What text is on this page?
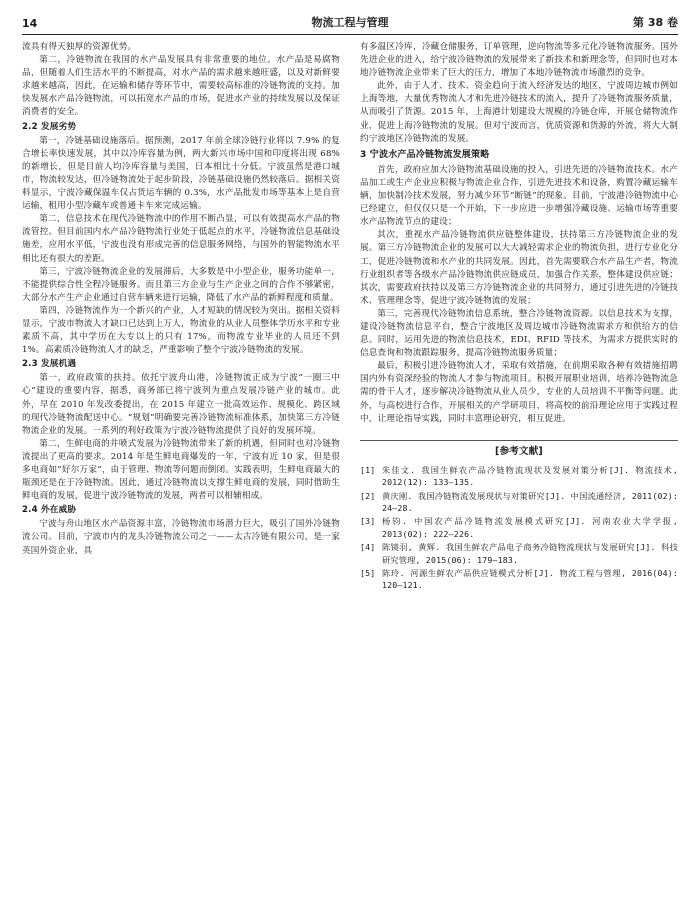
14	物流工程与管理	第 38 卷

流具有得天独厚的资源优势。

第二，冷链物流在我国的水产品发展具有非常重要的地位。水产品是易腐物品，但随着人们生活水平的不断提高，对水产品的需求越来越旺盛，以及对新鲜要求越来越高，因此，在运输和储存等环节中，需要较高标准的冷链物流的支持。加快发展水产品冷链物流，可以拓宽水产品的市场，促进水产业的持续发展以及保证消费者的安全。

2.2 发展劣势

第一，冷链基础设施落后。据预测，2017 年前全球冷链行业将以 7.9% 的复合增长率快速发展，其中以冷库容量为例，两大新兴市场中国和印度将出现 68% 的新增长，但是目前人均冷库容量与美国，日本相比十分低。宁波虽然是港口城市，物流较发达，但冷链物流处于起步阶段，冷链基础设施仍然较落后。据相关资料显示，宁波冷藏保温车仅占货运车辆的 0.3%，水产品批发市场等基本上是自营运输，租用小型冷藏车或普通卡车来完成运输。

第二，信息技术在现代冷链物流中的作用不断凸显，可以有效提高水产品的物流管控。但目前国内水产品冷链物流行业处于低起点的水平，冷链物流信息基础设施差，应用水平低，宁波也没有形成完善的信息服务网络，与国外的智能物流水平相比还有很大的差距。

第三，宁波冷链物流企业的发展滞后，大多数是中小型企业，服务功能单一，不能提供综合性全程冷链服务。而且第三方企业与生产企业之间的合作不够紧密，大部分水产生产企业通过自营车辆来进行运输，降低了水产品的新鲜程度和质量。

第四，冷链物流作为一个新兴的产业，人才短缺的情况较为突出。据相关资料显示，宁波市物流人才缺口已达到上万人，物流业的从业人员整体学历水平和专业素质不高，其中学历在大专以上的只有 17%，而物流专业毕业的人员还不到 1%。高素质冷链物流人才的缺乏，严重影响了整个宁波冷链物流的发展。

2.3 发展机遇

第一，政府政策的扶持。依托宁波舟山港，冷链物流正成为宁波“一圈三中心”建设的重要内容，据悉，商务部已将宁波列为重点发展冷链产业的城市。此外，早在 2010 年发改委提出，在 2015 年建立一批高效运作、规模化、跨区域的现代冷链物流配送中心。“规划”明确要完善冷链物流标准体系，加快第三方冷链物流企业的发展。一系列的利好政策为宁波冷链物流提供了良好的发展环境。

第二，生鲜电商的井喷式发展为冷链物流带来了新的机遇，但同时也对冷链物流提出了更高的要求。2014 年是生鲜电商爆发的一年，宁波有近 10 家，但是很多电商如“好尔万家”，由于管理、物流等问题而倒闭。实践表明，生鲜电商最大的瓶颈还是在于冷链物流。因此，通过冷链物流以支撑生鲜电商的发展，同时借助生鲜电商的发展，促进宁波冷链物流的发展，两者可以相辅相成。

2.4 外在威胁

宁波与舟山地区水产品资源丰富，冷链物流市场潜力巨大，吸引了国外冷链物流公司。目前，宁波市内的龙头冷链物流公司之一——太古冷链有限公司，是一家英国外资企业，具

有多温区冷库，冷藏仓储服务，订单管理，逆向物流等多元化冷链物流服务。国外先进企业的进入，给宁波冷链物流的发展带来了新技术和新理念等，但同时也对本地冷链物流企业带来了巨大的压力，增加了本地冷链物流市场激烈的竞争。

此外，由于人才、技术、资金趋向于流入经济发达的地区，宁波周边城市例如上海等地，大量优秀物流人才和先进冷链技术的流入，提升了冷链物流服务质量，从而吸引了货源。2015 年，上海港计划建设大规模的冷链仓库，开展仓储物流作业，促进上海冷链物流的发展。但对宁波而言，优质资源和货源的外流，将大大制约宁波地区冷链物流的发展。

3 宁波水产品冷链物流发展策略

首先，政府应加大冷链物流基础设施的投入，引进先进的冷链物流技术。水产品加工或生产企业应积极与物流企业合作，引进先进技术和设备，购置冷藏运输车辆，加快制冷技术发展，努力减少环节“断链”的现象。目前，宁波港冷链物流中心已经建立，但仅仅只是一个开始，下一步应进一步增强冷藏设施、运输市场等重要水产品物流节点的建设；

其次，重视水产品冷链物流供应链整体建设，扶持第三方冷链物流企业的发展。第三方冷链物流企业的发展可以大大减轻需求企业的物流负担，进行专业化分工，促进冷链物流和水产业的共同发展。因此，首先需要联合水产品生产者，物流行业组织者等各级水产品冷链物流供应链成员，加强合作关系，整体建设供应链；其次，需要政府扶持以及第三方冷链物流企业的共同努力，通过引进先进的冷链技术、管理理念等，促进宁波冷链物流的发展；

第三，完善现代冷链物流信息系统，整合冷链物流资源。以信息技术为支撑，建设冷链物流信息平台，整合宁波地区及周边城市冷链物流需求方和供给方的信息。同时，运用先进的物流信息技术，EDI、RFID 等技术，为需求方提供实时的信息查询和物流跟踪服务，提高冷链物流服务质量；

最后，积极引进冷链物流人才，采取有效措施，在前期采取各种有效措施招聘国内外有资深经验的物流人才参与物流项目。积极开展职业培训，培养冷链物流急需的骨干人才，逐步解决冷链物流从业人员少，专业的人员培训不平衡等问题。此外，与高校进行合作，开展相关的产学研项目，将高校的前沿理论应用于实践过程中，让理论指导实践，同时丰富理论研究，相互促进。

[参考文献]
[1] 朱佳文. 我国生鲜农产品冷链物流现状及发展对策分析[J]. 物流技术, 2012(12): 133–135.
[2] 黄庆刚. 我国冷链物流发展现状与对策研究[J]. 中国流通经济, 2011(02): 24–28.
[3] 杨钧. 中国农产品冷链物流发展模式研究[J]. 河南农业大学学报, 2013(02): 222–226.
[4] 陈镜羽, 黄辉. 我国生鲜农产品电子商务冷链物流现状与发展研究[J]. 科技研究管理, 2015(06): 179–183.
[5] 陈玲. 河源生鲜农产品供应链模式分析[J]. 物流工程与管理, 2016(04): 120–121.
